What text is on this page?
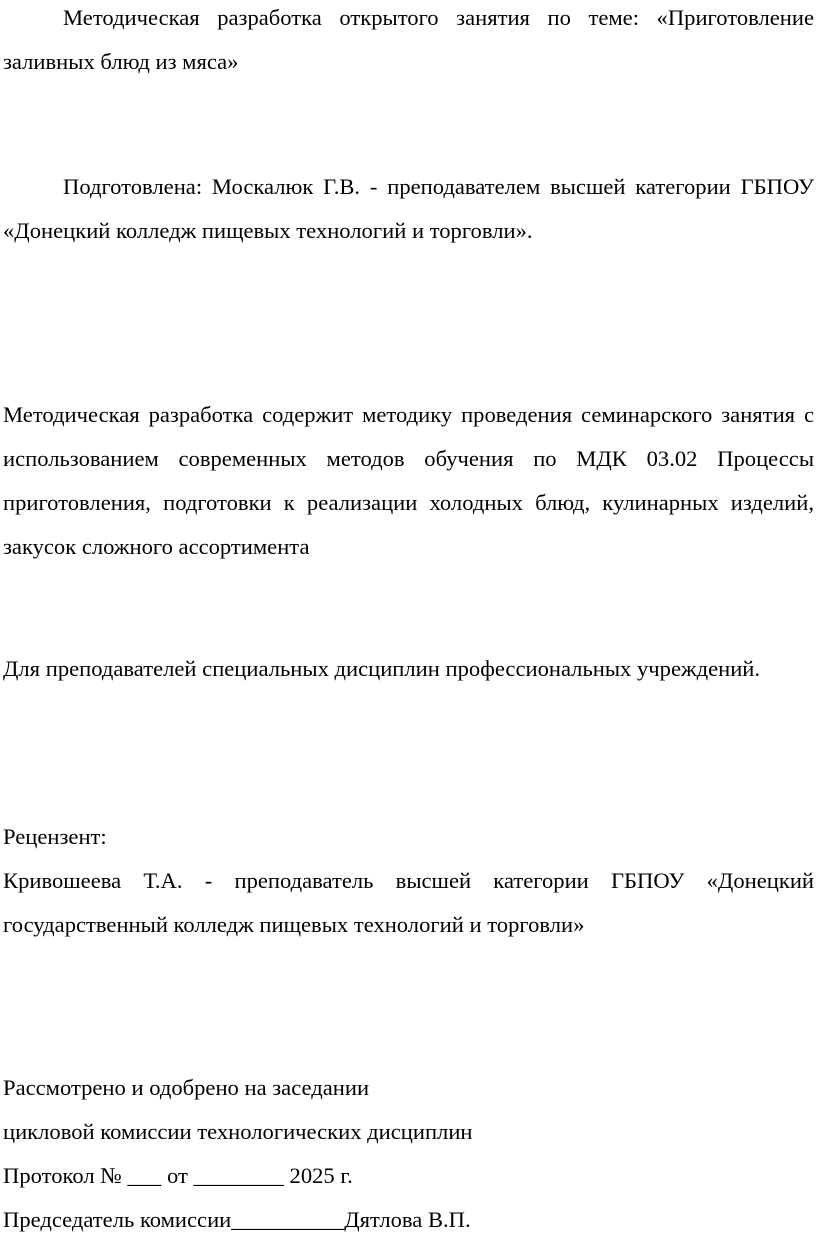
Методическая разработка открытого занятия по теме: «Приготовление заливных блюд из мяса»

Подготовлена: Москалюк Г.В. - преподавателем высшей категории ГБПОУ «Донецкий колледж пищевых технологий и торговли».

Методическая разработка содержит методику проведения семинарского занятия с использованием современных методов обучения по МДК 03.02 Процессы приготовления, подготовки к реализации холодных блюд, кулинарных изделий, закусок сложного ассортимента

Для преподавателей специальных дисциплин профессиональных учреждений.

Рецензент:

Кривошеева Т.А. - преподаватель высшей категории ГБПОУ «Донецкий государственный колледж пищевых технологий и торговли»

Рассмотрено и одобрено на заседании
цикловой комиссии технологических дисциплин
Протокол № ___ от ________ 2025 г.
Председатель комиссии__________Дятлова В.П.
